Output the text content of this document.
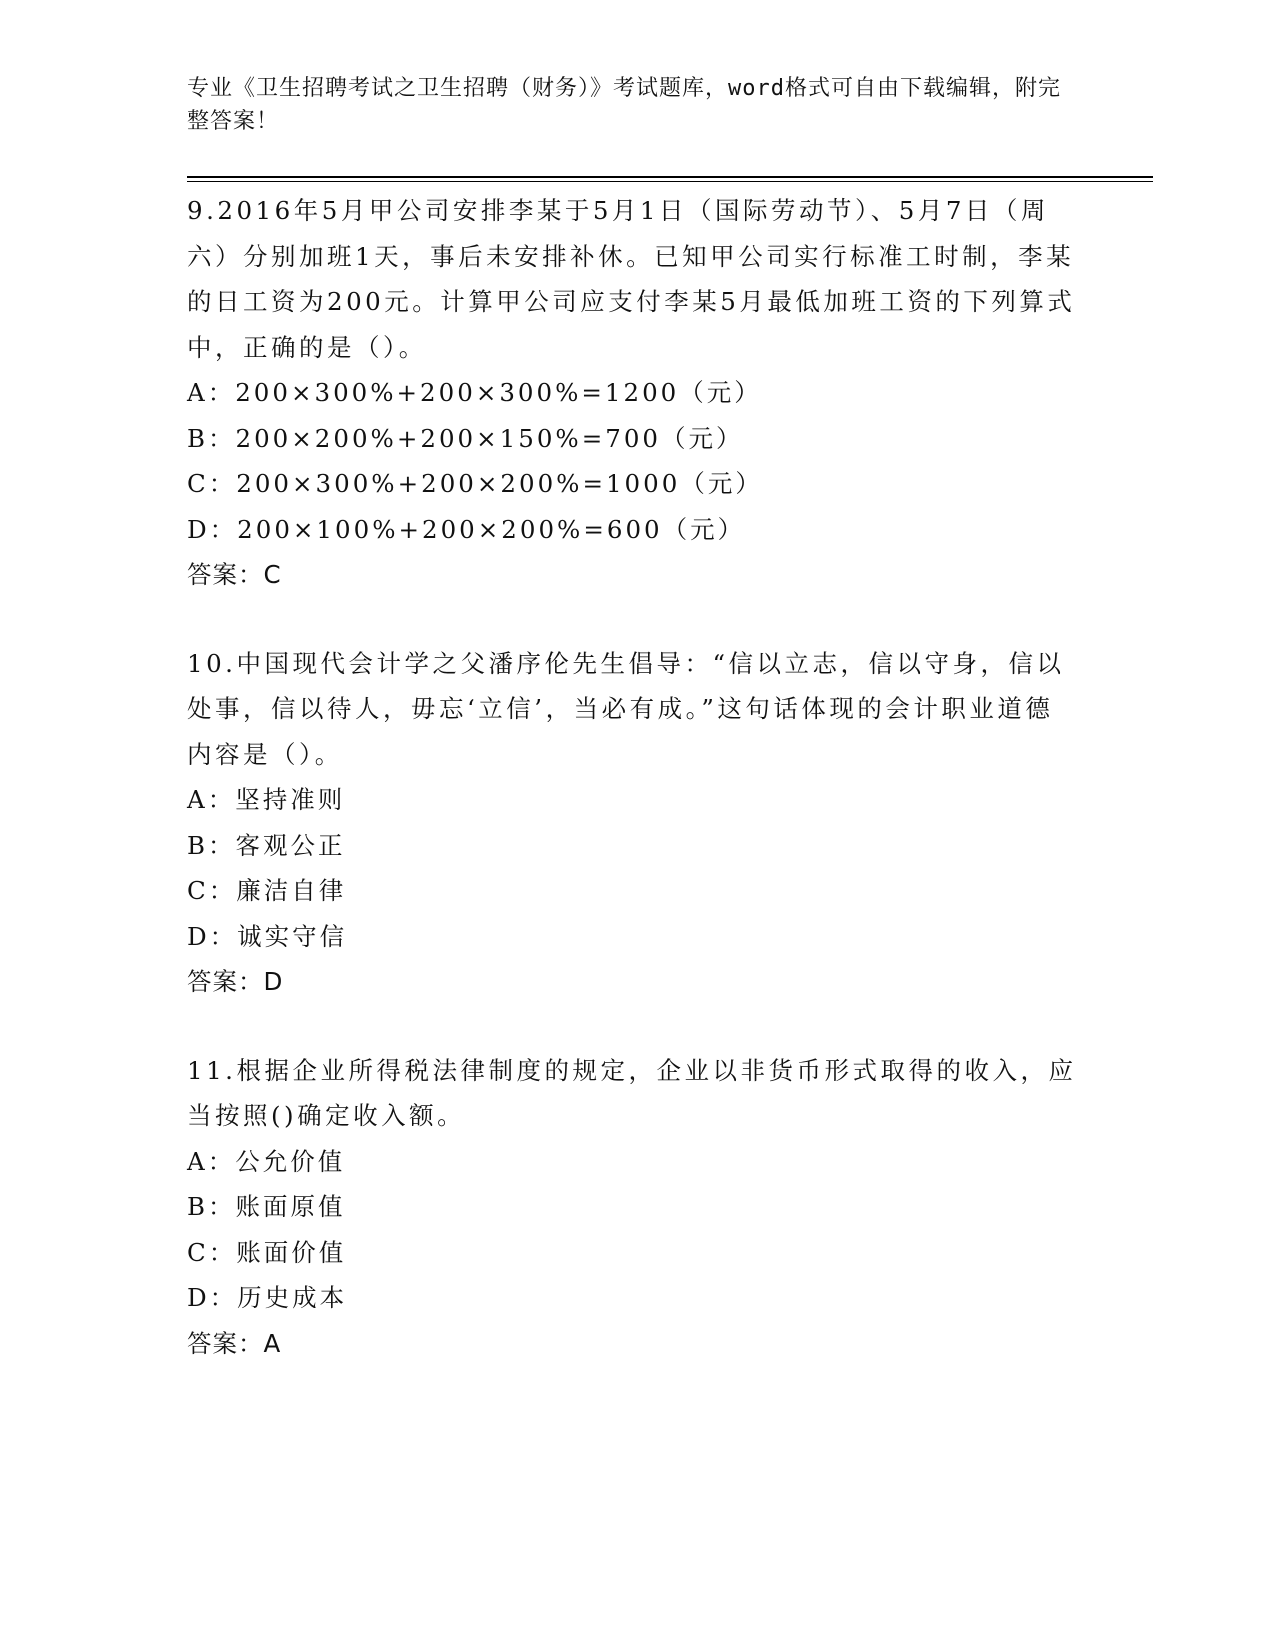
专业《卫生招聘考试之卫生招聘（财务）》考试题库，word格式可自由下载编辑，附完整答案！

9.2016年5月甲公司安排李某于5月1日（国际劳动节）、5月7日（周六）分别加班1天，事后未安排补休。已知甲公司实行标准工时制，李某的日工资为200元。计算甲公司应支付李某5月最低加班工资的下列算式中，正确的是（）。

A：200×300%+200×300%=1200（元）

B：200×200%+200×150%=700（元）

C：200×300%+200×200%=1000（元）

D：200×100%+200×200%=600（元）

答案：C

10.中国现代会计学之父潘序伦先生倡导：“信以立志，信以守身，信以处事，信以待人，毋忘‘立信’，当必有成。”这句话体现的会计职业道德内容是（）。

A：坚持准则

B：客观公正

C：廉洁自律

D：诚实守信

答案：D

11.根据企业所得税法律制度的规定，企业以非货币形式取得的收入，应当按照()确定收入额。

A：公允价值

B：账面原值

C：账面价值

D：历史成本

答案：A
